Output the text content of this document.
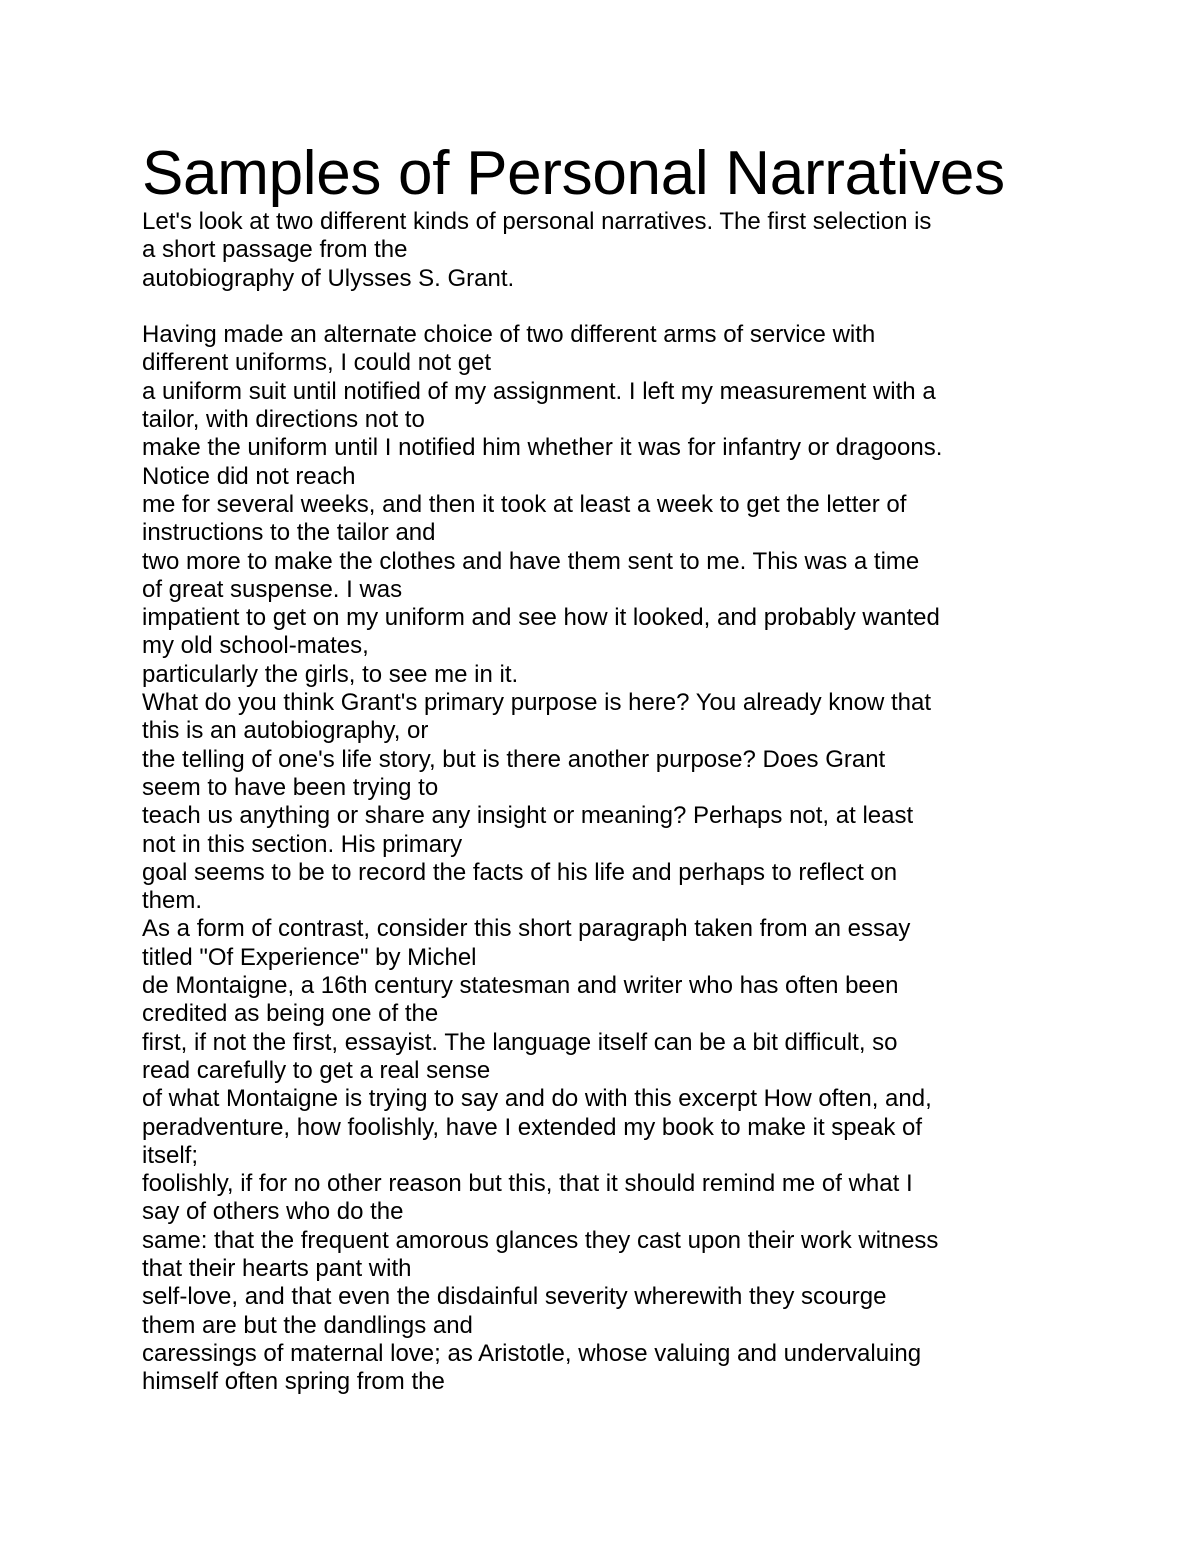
Samples of Personal Narratives
Let's look at two different kinds of personal narratives. The first selection is
a short passage from the
autobiography of Ulysses S. Grant.
Having made an alternate choice of two different arms of service with
different uniforms, I could not get
a uniform suit until notified of my assignment. I left my measurement with a
tailor, with directions not to
make the uniform until I notified him whether it was for infantry or dragoons.
Notice did not reach
me for several weeks, and then it took at least a week to get the letter of
instructions to the tailor and
two more to make the clothes and have them sent to me. This was a time
of great suspense. I was
impatient to get on my uniform and see how it looked, and probably wanted
my old school-mates,
particularly the girls, to see me in it.
What do you think Grant's primary purpose is here? You already know that
this is an autobiography, or
the telling of one's life story, but is there another purpose? Does Grant
seem to have been trying to
teach us anything or share any insight or meaning? Perhaps not, at least
not in this section. His primary
goal seems to be to record the facts of his life and perhaps to reflect on
them.
As a form of contrast, consider this short paragraph taken from an essay
titled "Of Experience" by Michel
de Montaigne, a 16th century statesman and writer who has often been
credited as being one of the
first, if not the first, essayist. The language itself can be a bit difficult, so
read carefully to get a real sense
of what Montaigne is trying to say and do with this excerpt How often, and,
peradventure, how foolishly, have I extended my book to make it speak of
itself;
foolishly, if for no other reason but this, that it should remind me of what I
say of others who do the
same: that the frequent amorous glances they cast upon their work witness
that their hearts pant with
self-love, and that even the disdainful severity wherewith they scourge
them are but the dandlings and
caressings of maternal love; as Aristotle, whose valuing and undervaluing
himself often spring from the
